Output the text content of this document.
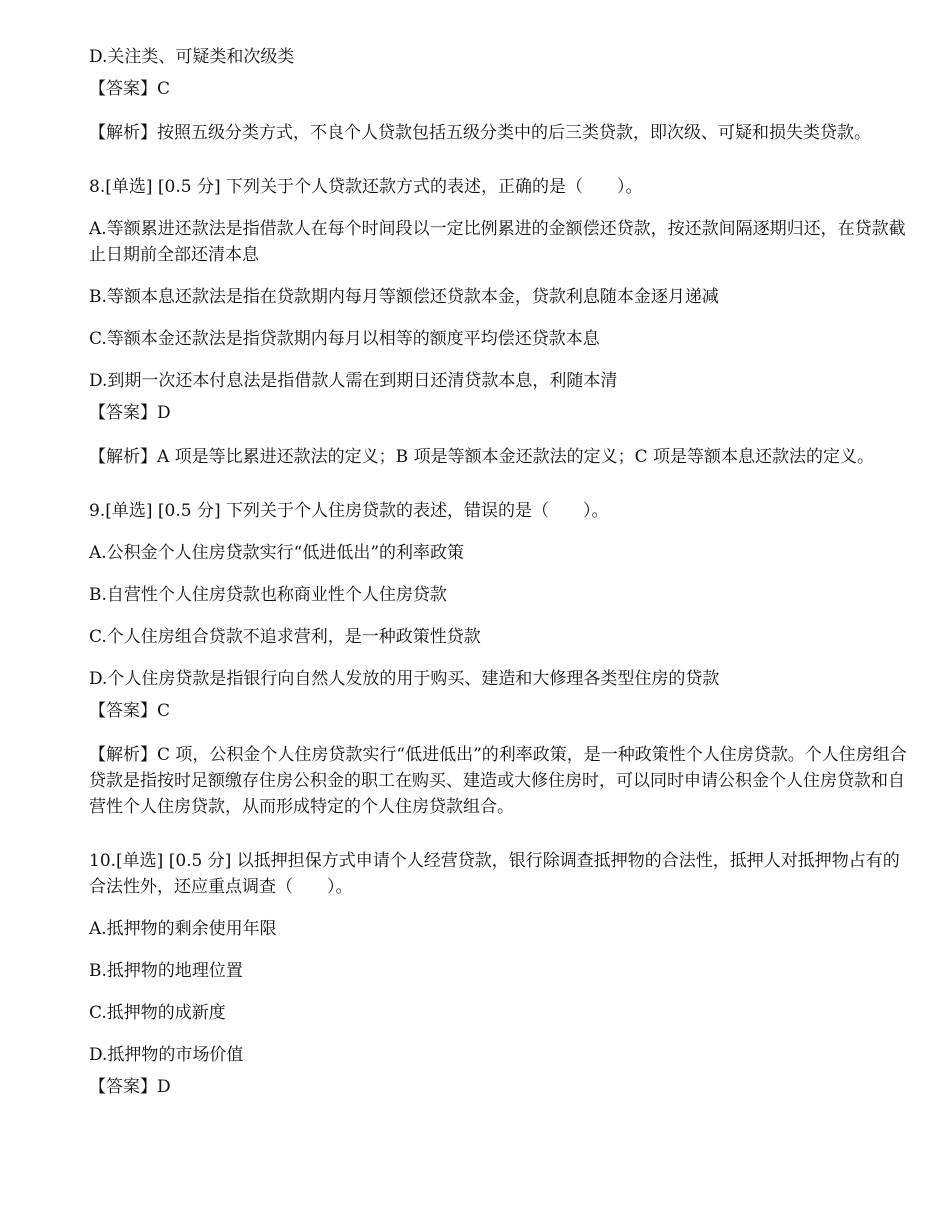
D.关注类、可疑类和次级类

【答案】C

【解析】按照五级分类方式，不良个人贷款包括五级分类中的后三类贷款，即次级、可疑和损失类贷款。

8.[单选] [0.5 分] 下列关于个人贷款还款方式的表述，正确的是（　　）。

A.等额累进还款法是指借款人在每个时间段以一定比例累进的金额偿还贷款，按还款间隔逐期归还，在贷款截止日期前全部还清本息

B.等额本息还款法是指在贷款期内每月等额偿还贷款本金，贷款利息随本金逐月递减

C.等额本金还款法是指贷款期内每月以相等的额度平均偿还贷款本息

D.到期一次还本付息法是指借款人需在到期日还清贷款本息，利随本清

【答案】D

【解析】A 项是等比累进还款法的定义；B 项是等额本金还款法的定义；C 项是等额本息还款法的定义。

9.[单选] [0.5 分] 下列关于个人住房贷款的表述，错误的是（　　）。

A.公积金个人住房贷款实行“低进低出”的利率政策

B.自营性个人住房贷款也称商业性个人住房贷款

C.个人住房组合贷款不追求营利，是一种政策性贷款

D.个人住房贷款是指银行向自然人发放的用于购买、建造和大修理各类型住房的贷款

【答案】C

【解析】C 项，公积金个人住房贷款实行“低进低出”的利率政策，是一种政策性个人住房贷款。个人住房组合贷款是指按时足额缴存住房公积金的职工在购买、建造或大修住房时，可以同时申请公积金个人住房贷款和自营性个人住房贷款，从而形成特定的个人住房贷款组合。

10.[单选] [0.5 分] 以抵押担保方式申请个人经营贷款，银行除调查抵押物的合法性，抵押人对抵押物占有的合法性外，还应重点调查（　　）。

A.抵押物的剩余使用年限

B.抵押物的地理位置

C.抵押物的成新度

D.抵押物的市场价值

【答案】D
